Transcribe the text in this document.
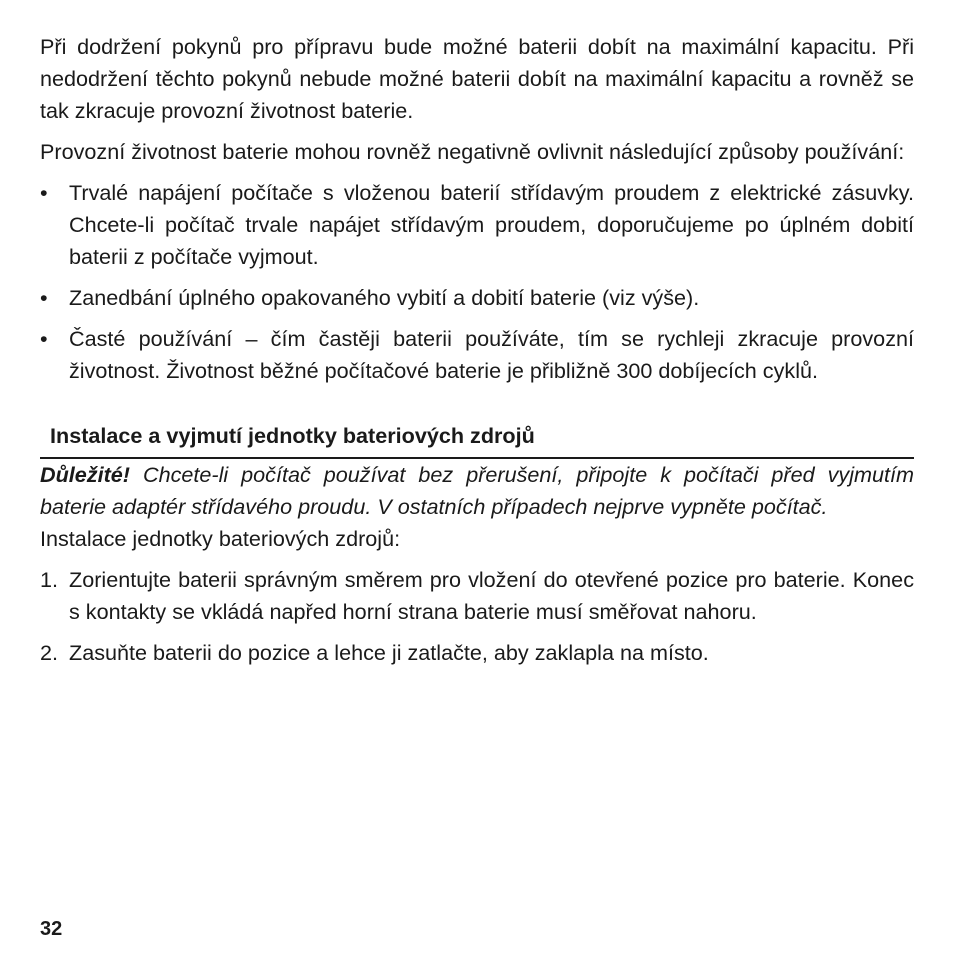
Při dodržení pokynů pro přípravu bude možné baterii dobít na maximální kapacitu. Při nedodržení těchto pokynů nebude možné baterii dobít na maximální kapacitu a rovněž se tak zkracuje provozní životnost baterie.

Provozní životnost baterie mohou rovněž negativně ovlivnit následující způsoby používání:

• Trvalé napájení počítače s vloženou baterií střídavým proudem z elektrické zásuvky. Chcete-li počítač trvale napájet střídavým proudem, doporučujeme po úplném dobití baterii z počítače vyjmout.
• Zanedbání úplného opakovaného vybití a dobití baterie (viz výše).
• Časté používání – čím častěji baterii používáte, tím se rychleji zkracuje provozní životnost. Životnost běžné počítačové baterie je přibližně 300 dobíjecích cyklů.
Instalace a vyjmutí jednotky bateriových zdrojů

Důležité! Chcete-li počítač používat bez přerušení, připojte k počítači před vyjmutím baterie adaptér střídavého proudu. V ostatních případech nejprve vypněte počítač.

Instalace jednotky bateriových zdrojů:

1. Zorientujte baterii správným směrem pro vložení do otevřené pozice pro baterie. Konec s kontakty se vkládá napřed horní strana baterie musí směřovat nahoru.
2. Zasuňte baterii do pozice a lehce ji zatlačte, aby zaklapla na místo.
32
